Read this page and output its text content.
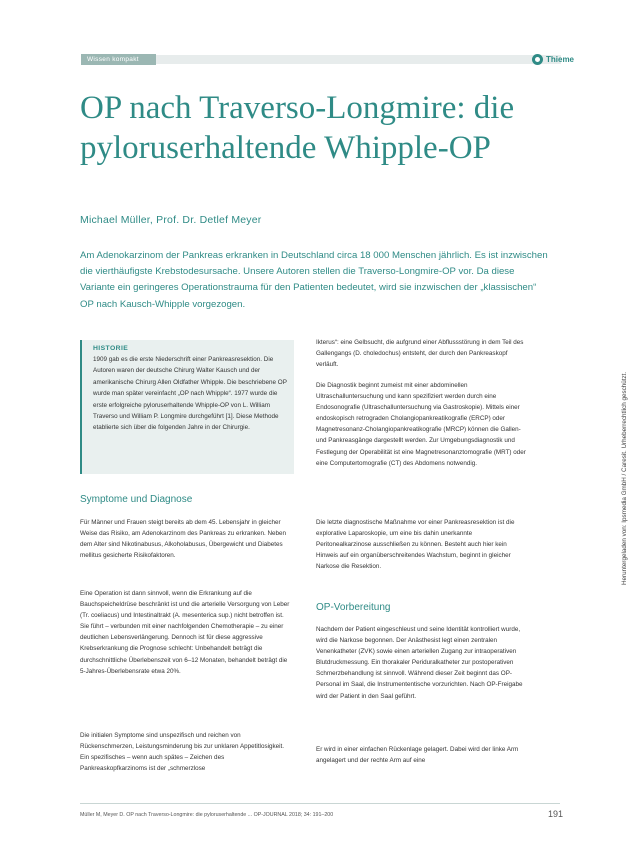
Wissen kompakt	Thieme
OP nach Traverso-Longmire: die pyloruserhaltende Whipple-OP
Michael Müller, Prof. Dr. Detlef Meyer
Am Adenokarzinom der Pankreas erkranken in Deutschland circa 18 000 Menschen jährlich. Es ist inzwischen die vierthäufigste Krebstodesursache. Unsere Autoren stellen die Traverso-Longmire-OP vor. Da diese Variante ein geringeres Operationstrauma für den Patienten bedeutet, wird sie inzwischen der „klassischen“ OP nach Kausch-Whipple vorgezogen.
HISTORIE
1909 gab es die erste Niederschrift einer Pankreasresektion. Die Autoren waren der deutsche Chirurg Walter Kausch und der amerikanische Chirurg Allen Oldfather Whipple. Die beschriebene OP wurde man später vereinfacht „OP nach Whipple“. 1977 wurde die erste erfolgreiche pyloruserhaltende Whipple-OP von L. William Traverso und William P. Longmire durchgeführt [1]. Diese Methode etablierte sich über die folgenden Jahre in der Chirurgie.
Symptome und Diagnose
Für Männer und Frauen steigt bereits ab dem 45. Lebensjahr in gleicher Weise das Risiko, am Adenokarzinom des Pankreas zu erkranken. Neben dem Alter sind Nikotinabusus, Alkoholabusus, Übergewicht und Diabetes mellitus gesicherte Risikofaktoren.
Eine Operation ist dann sinnvoll, wenn die Erkrankung auf die Bauchspeicheldrüse beschränkt ist und die arterielle Versorgung von Leber (Tr. coeliacus) und Intestinaltrakt (A. mesenterica sup.) nicht betroffen ist. Sie führt – verbunden mit einer nachfolgenden Chemotherapie – zu einer deutlichen Lebensverlängerung. Dennoch ist für diese aggressive Krebserkrankung die Prognose schlecht: Unbehandelt beträgt die durchschnittliche Überlebenszeit von 6–12 Monaten, behandelt beträgt die 5-Jahres-Überlebensrate etwa 20%.
Die initialen Symptome sind unspezifisch und reichen von Rückenschmerzen, Leistungsminderung bis zur unklaren Appetitlosigkeit. Ein spezifisches – wenn auch spätes – Zeichen des Pankreaskopfkarzinoms ist der „schmerzlose
Ikterus“: eine Gelbsucht, die aufgrund einer Abflussstörung in dem Teil des Gallengangs (D. choledochus) entsteht, der durch den Pankreaskopf verläuft.
Die Diagnostik beginnt zumeist mit einer abdominellen Ultraschalluntersuchung und kann spezifiziert werden durch eine Endosonografie (Ultraschalluntersuchung via Gastroskopie). Mittels einer endoskopisch retrograden Cholangiopankreatikografie (ERCP) oder Magnetresonanz-Cholangiopankreatikografie (MRCP) können die Gallen- und Pankreasgänge dargestellt werden. Zur Umgebungsdiagnostik und Festlegung der Operabilität ist eine Magnetresonanztomografie (MRT) oder eine Computertomografie (CT) des Abdomens notwendig.
Die letzte diagnostische Maßnahme vor einer Pankreasresektion ist die explorative Laparoskopie, um eine bis dahin unerkannte Peritonealkarzinose ausschließen zu können. Besteht auch hier kein Hinweis auf ein organüberschreitendes Wachstum, beginnt in gleicher Narkose die Resektion.
OP-Vorbereitung
Nachdem der Patient eingeschleust und seine Identität kontrolliert wurde, wird die Narkose begonnen. Der Anästhesist legt einen zentralen Venenkatheter (ZVK) sowie einen arteriellen Zugang zur intraoperativen Blutdruckmessung. Ein thorakaler Periduralkatheter zur postoperativen Schmerzbehandlung ist sinnvoll. Während dieser Zeit beginnt das OP-Personal im Saal, die Instrumententische vorzurichten. Nach OP-Freigabe wird der Patient in den Saal geführt.
Er wird in einer einfachen Rückenlage gelagert. Dabei wird der linke Arm angelagert und der rechte Arm auf eine
Heruntergeladen von: Ipsmedia GmbH / Caresit. Urheberrechtlich geschützt.
Müller M, Meyer D. OP nach Traverso-Longmire: die pyloruserhaltende ... OP-JOURNAL 2018; 34: 191–200	191
